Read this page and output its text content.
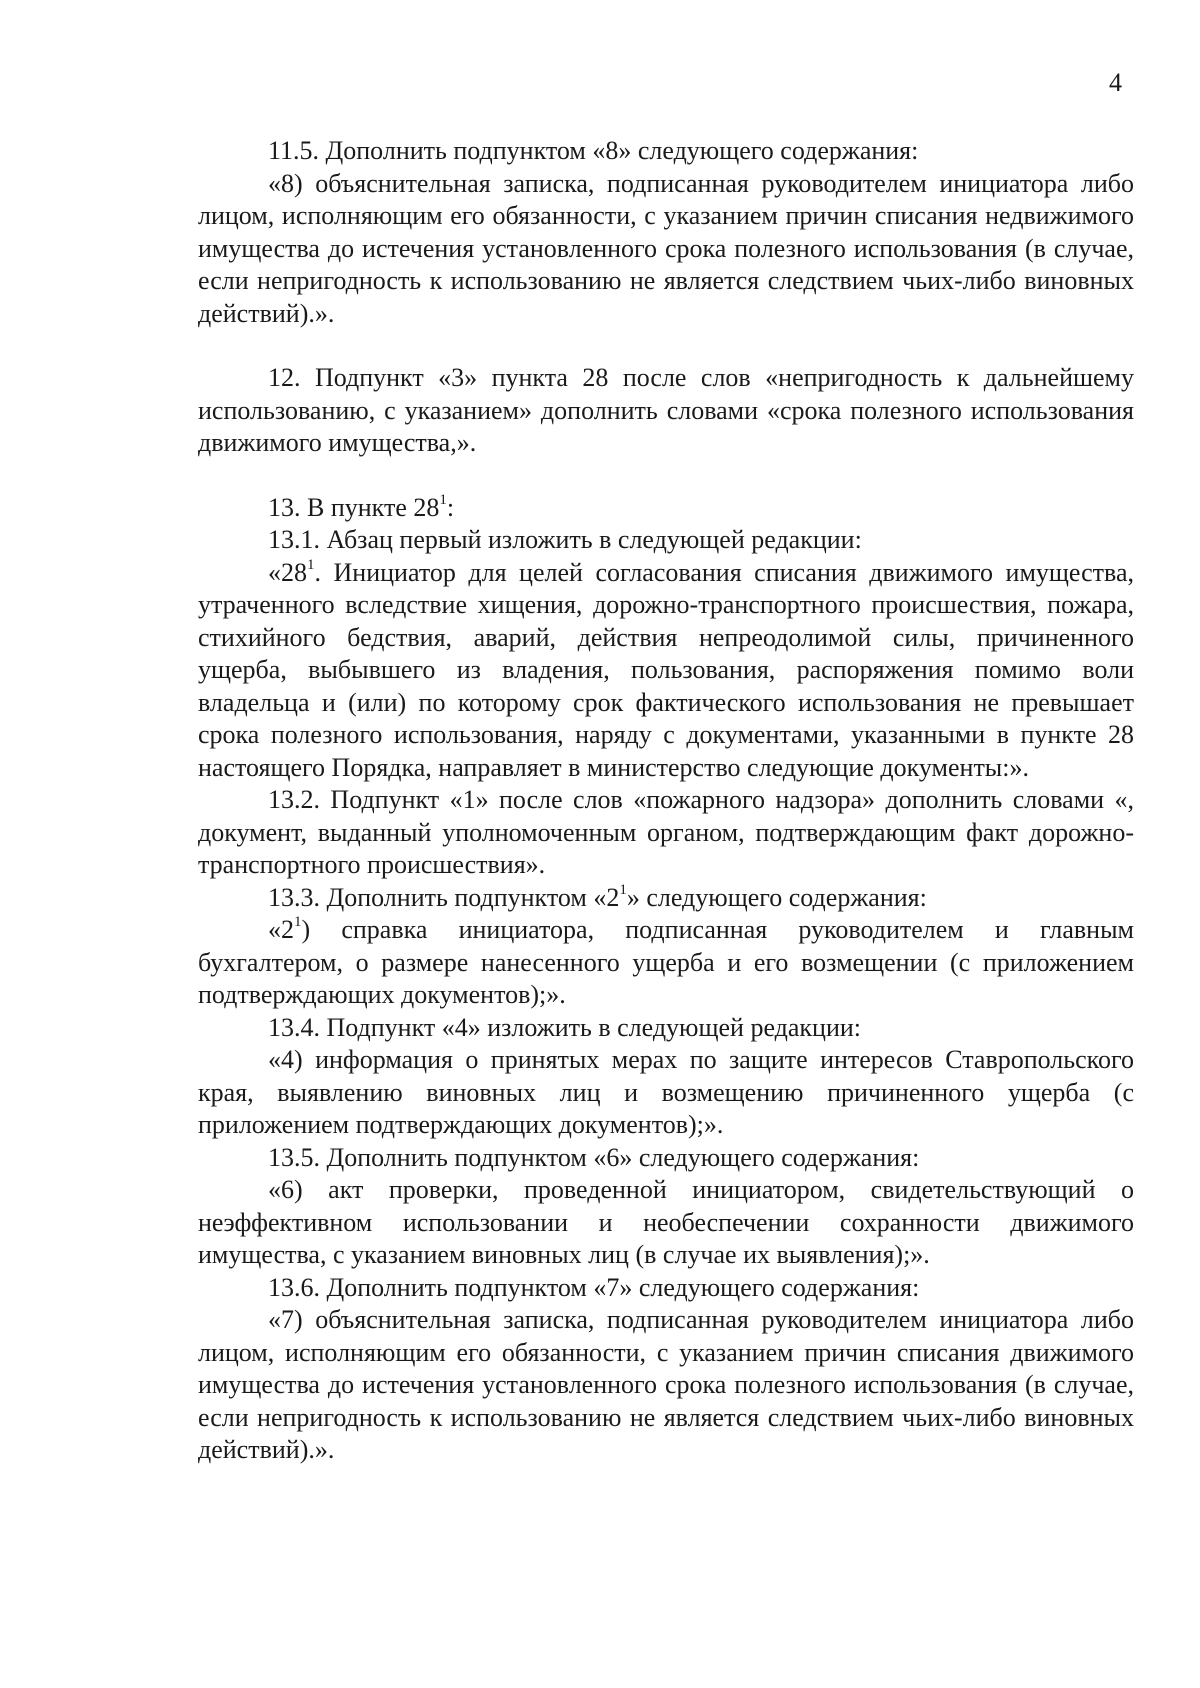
4

11.5. Дополнить подпунктом «8» следующего содержания:

«8) объяснительная записка, подписанная руководителем инициатора либо лицом, исполняющим его обязанности, с указанием причин списания недвижимого имущества до истечения установленного срока полезного использования (в случае, если непригодность к использованию не является следствием чьих-либо виновных действий).».

12. Подпункт «3» пункта 28 после слов «непригодность к дальнейшему использованию, с указанием» дополнить словами «срока полезного использования движимого имущества,».

13. В пункте $28^1$:

13.1. Абзац первый изложить в следующей редакции:

«$28^1$. Инициатор для целей согласования списания движимого имущества, утраченного вследствие хищения, дорожно-транспортного происшествия, пожара, стихийного бедствия, аварий, действия непреодолимой силы, причиненного ущерба, выбывшего из владения, пользования, распоряжения помимо воли владельца и (или) по которому срок фактического использования не превышает срока полезного использования, наряду с документами, указанными в пункте 28 настоящего Порядка, направляет в министерство следующие документы:».

13.2. Подпункт «1» после слов «пожарного надзора» дополнить словами «, документ, выданный уполномоченным органом, подтверждающим факт дорожно-транспортного происшествия».

13.3. Дополнить подпунктом «$2^1$» следующего содержания:

«$2^1$) справка инициатора, подписанная руководителем и главным бухгалтером, о размере нанесенного ущерба и его возмещении (с приложением подтверждающих документов);».

13.4. Подпункт «4» изложить в следующей редакции:

«4) информация о принятых мерах по защите интересов Ставропольского края, выявлению виновных лиц и возмещению причиненного ущерба (с приложением подтверждающих документов);».

13.5. Дополнить подпунктом «6» следующего содержания:

«6) акт проверки, проведенной инициатором, свидетельствующий о неэффективном использовании и необеспечении сохранности движимого имущества, с указанием виновных лиц (в случае их выявления);».

13.6. Дополнить подпунктом «7» следующего содержания:

«7) объяснительная записка, подписанная руководителем инициатора либо лицом, исполняющим его обязанности, с указанием причин списания движимого имущества до истечения установленного срока полезного использования (в случае, если непригодность к использованию не является следствием чьих-либо виновных действий).».
